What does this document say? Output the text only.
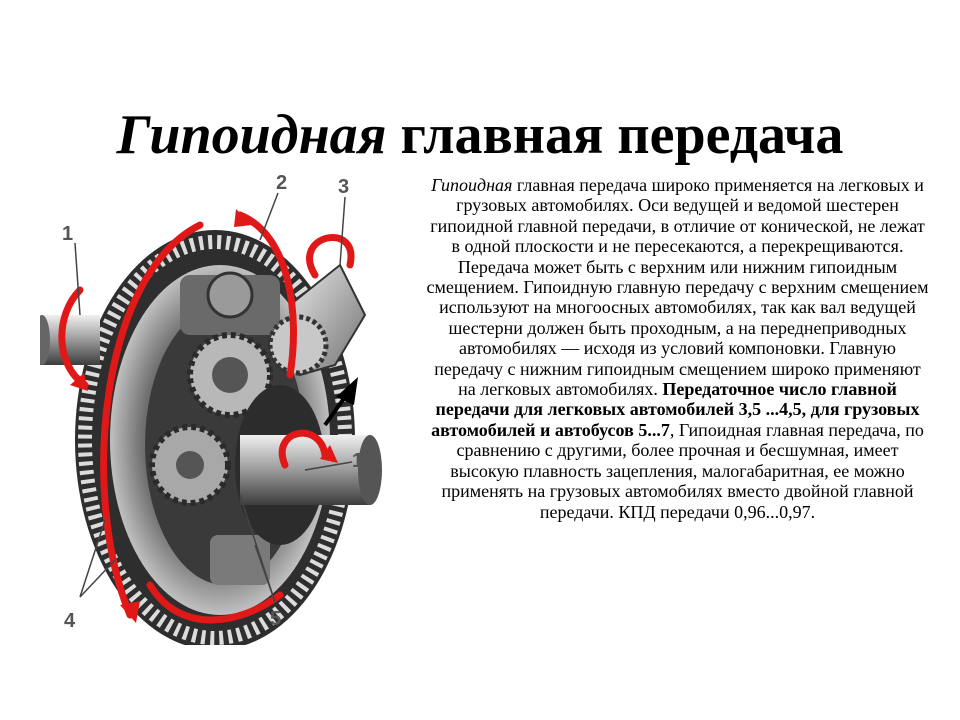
Гипоидная главная передача
1
2	3
1
4	5
Гипоидная главная передача широко применяется на легковых и грузовых автомобилях. Оси ведущей и ведомой шестерен гипоидной главной передачи, в отличие от конической, не лежат в одной плоскости и не пересекаются, а перекрещиваются. Передача может быть с верхним или нижним гипоидным смещением. Гипоидную главную передачу с верхним смещением используют на многоосных автомобилях, так как вал ведущей шестерни должен быть проходным, а на переднеприводных автомобилях — исходя из условий компоновки. Главную передачу с нижним гипоидным смещением широко применяют на легковых автомобилях. Передаточное число главной передачи для легковых автомобилей 3,5 ...4,5, для грузовых автомобилей и автобусов 5...7, Гипоидная главная передача, по сравнению с другими, более прочная и бесшумная, имеет высокую плавность зацепления, малогабаритная, ее можно применять на грузовых автомобилях вместо двойной главной передачи. КПД передачи 0,96...0,97.
